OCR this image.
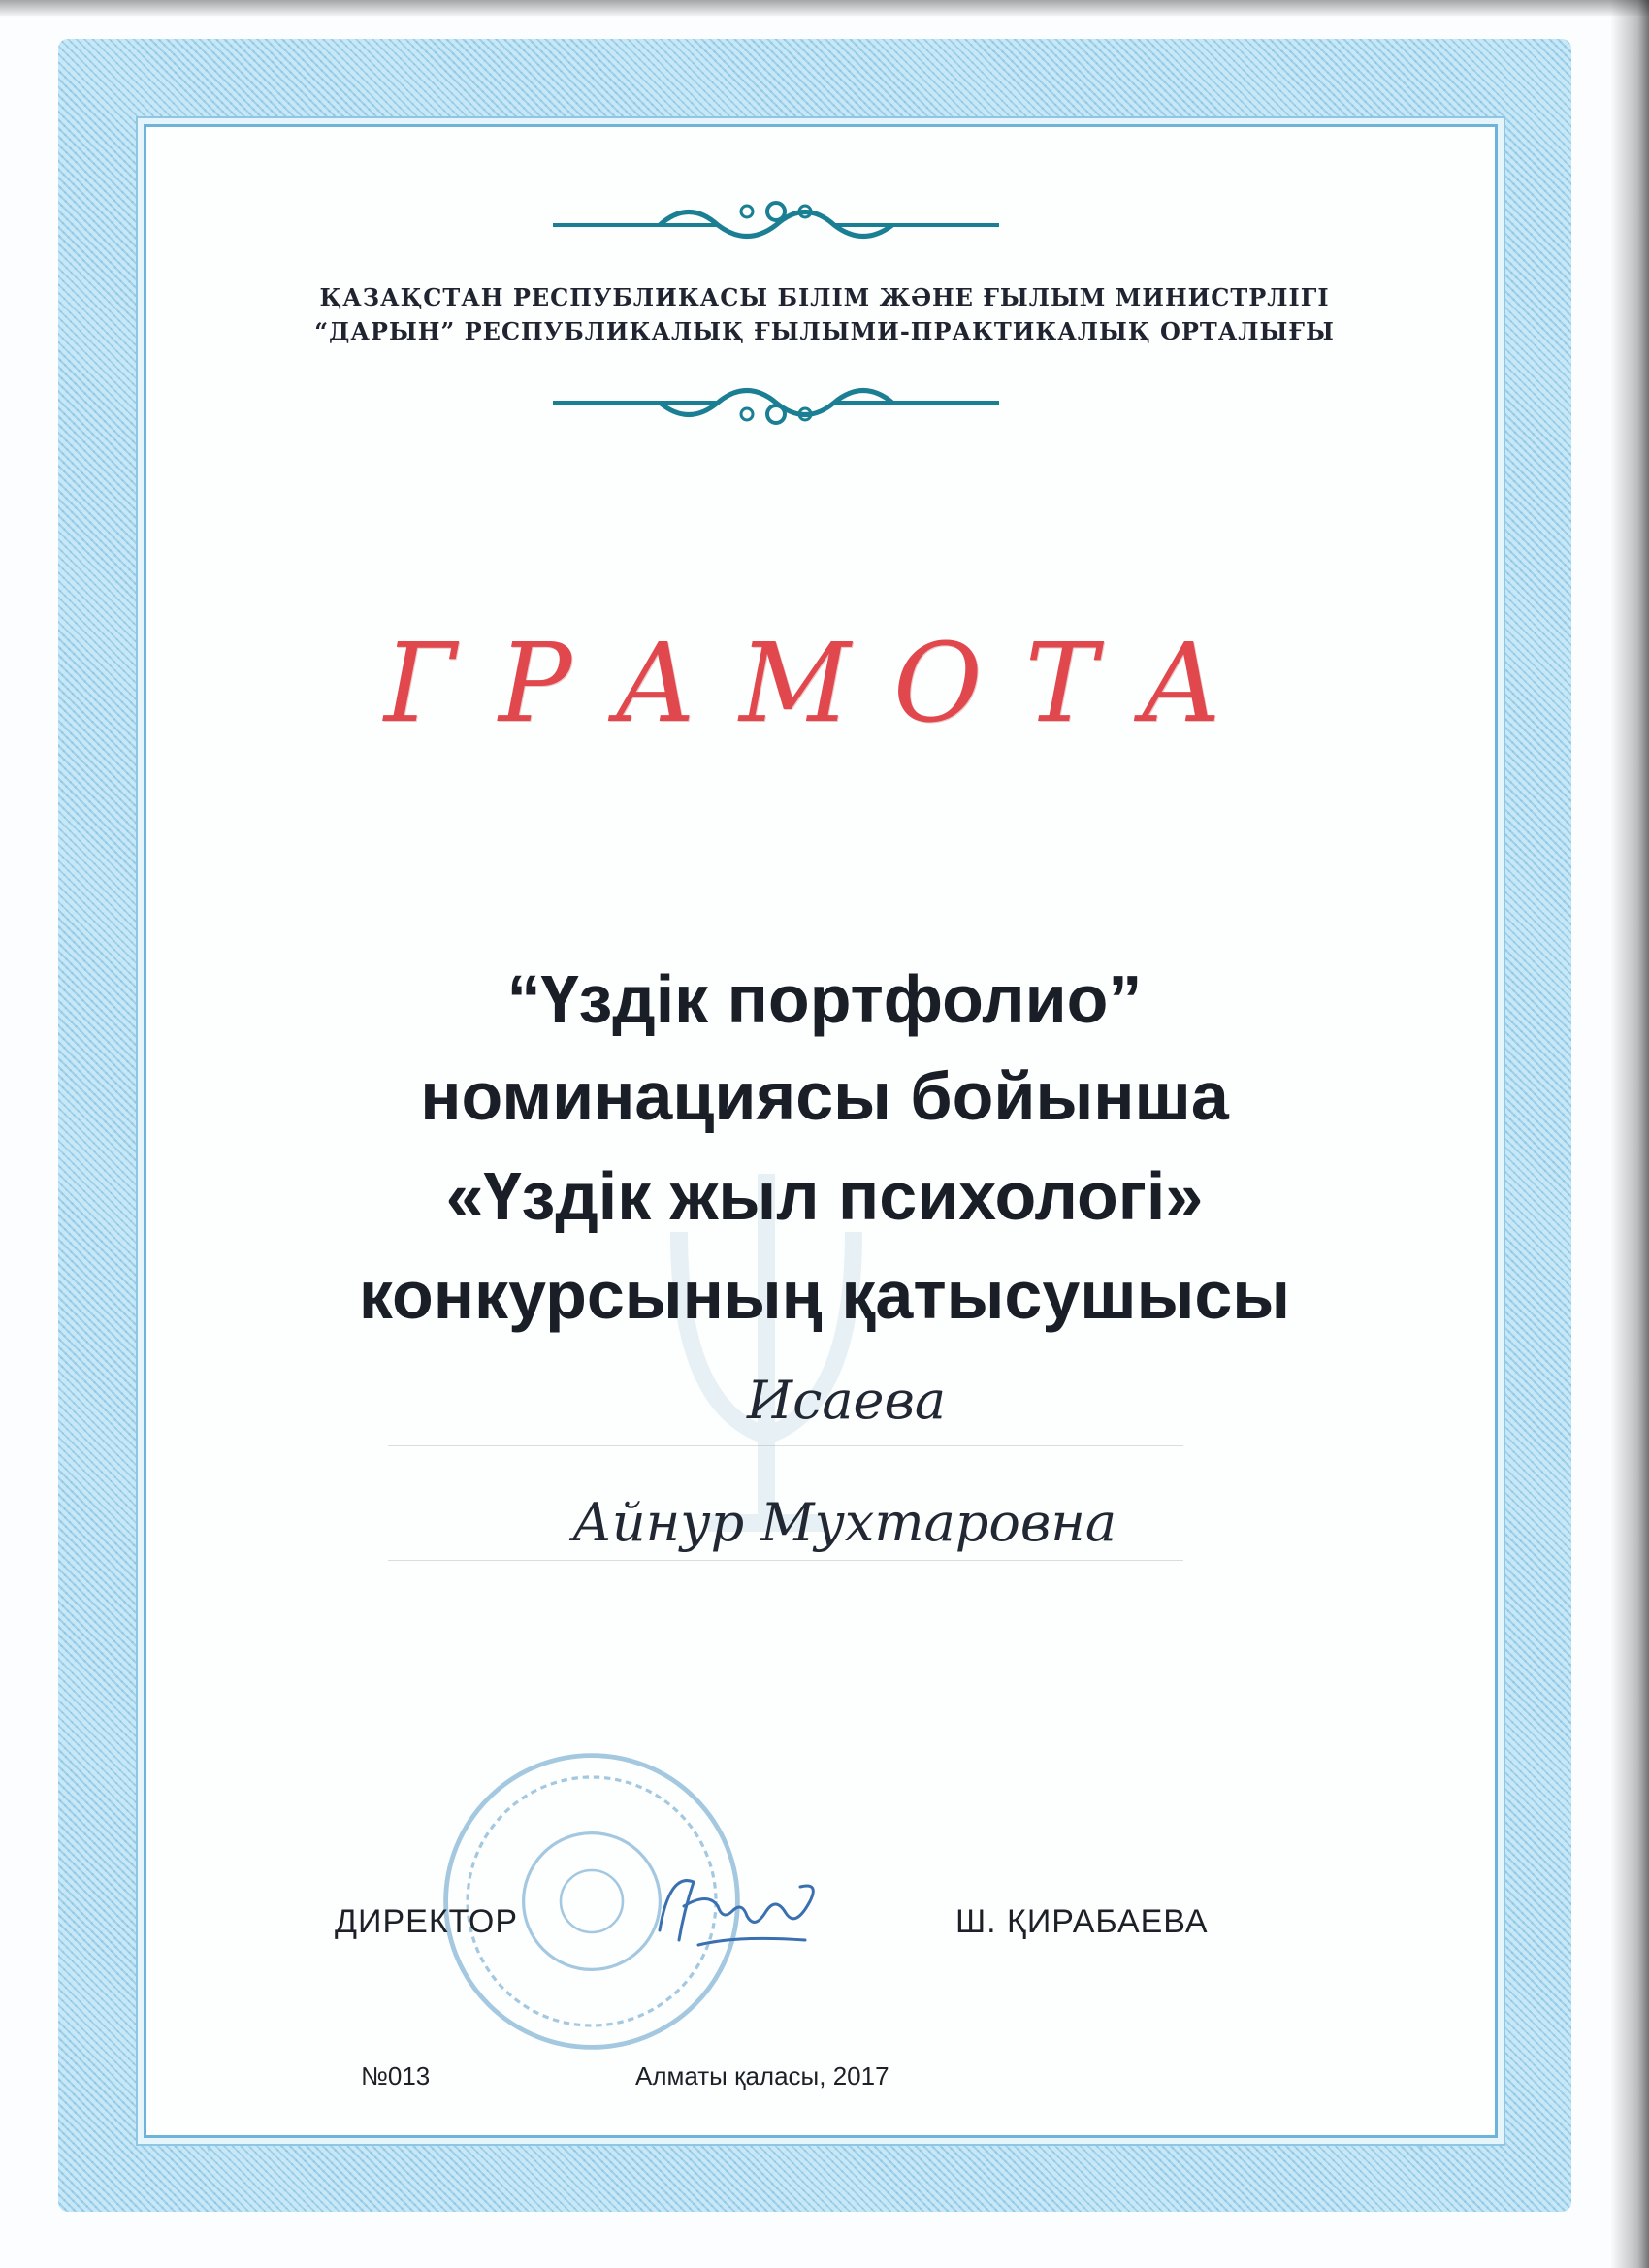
ҚАЗАҚСТАН РЕСПУБЛИКАСЫ БІЛІМ ЖӘНЕ ҒЫЛЫМ МИНИСТРЛІГІ
“ДАРЫН” РЕСПУБЛИКАЛЫҚ ҒЫЛЫМИ-ПРАКТИКАЛЫҚ ОРТАЛЫҒЫ
ГРАМОТА
“Үздік портфолио”
номинациясы бойынша
«Үздік жыл психологі»
конкурсының қатысушысы
Исаева
Айнур Мухтаровна
ДИРЕКТОР	Ш. ҚИРАБАЕВА
№013	Алматы қаласы, 2017
